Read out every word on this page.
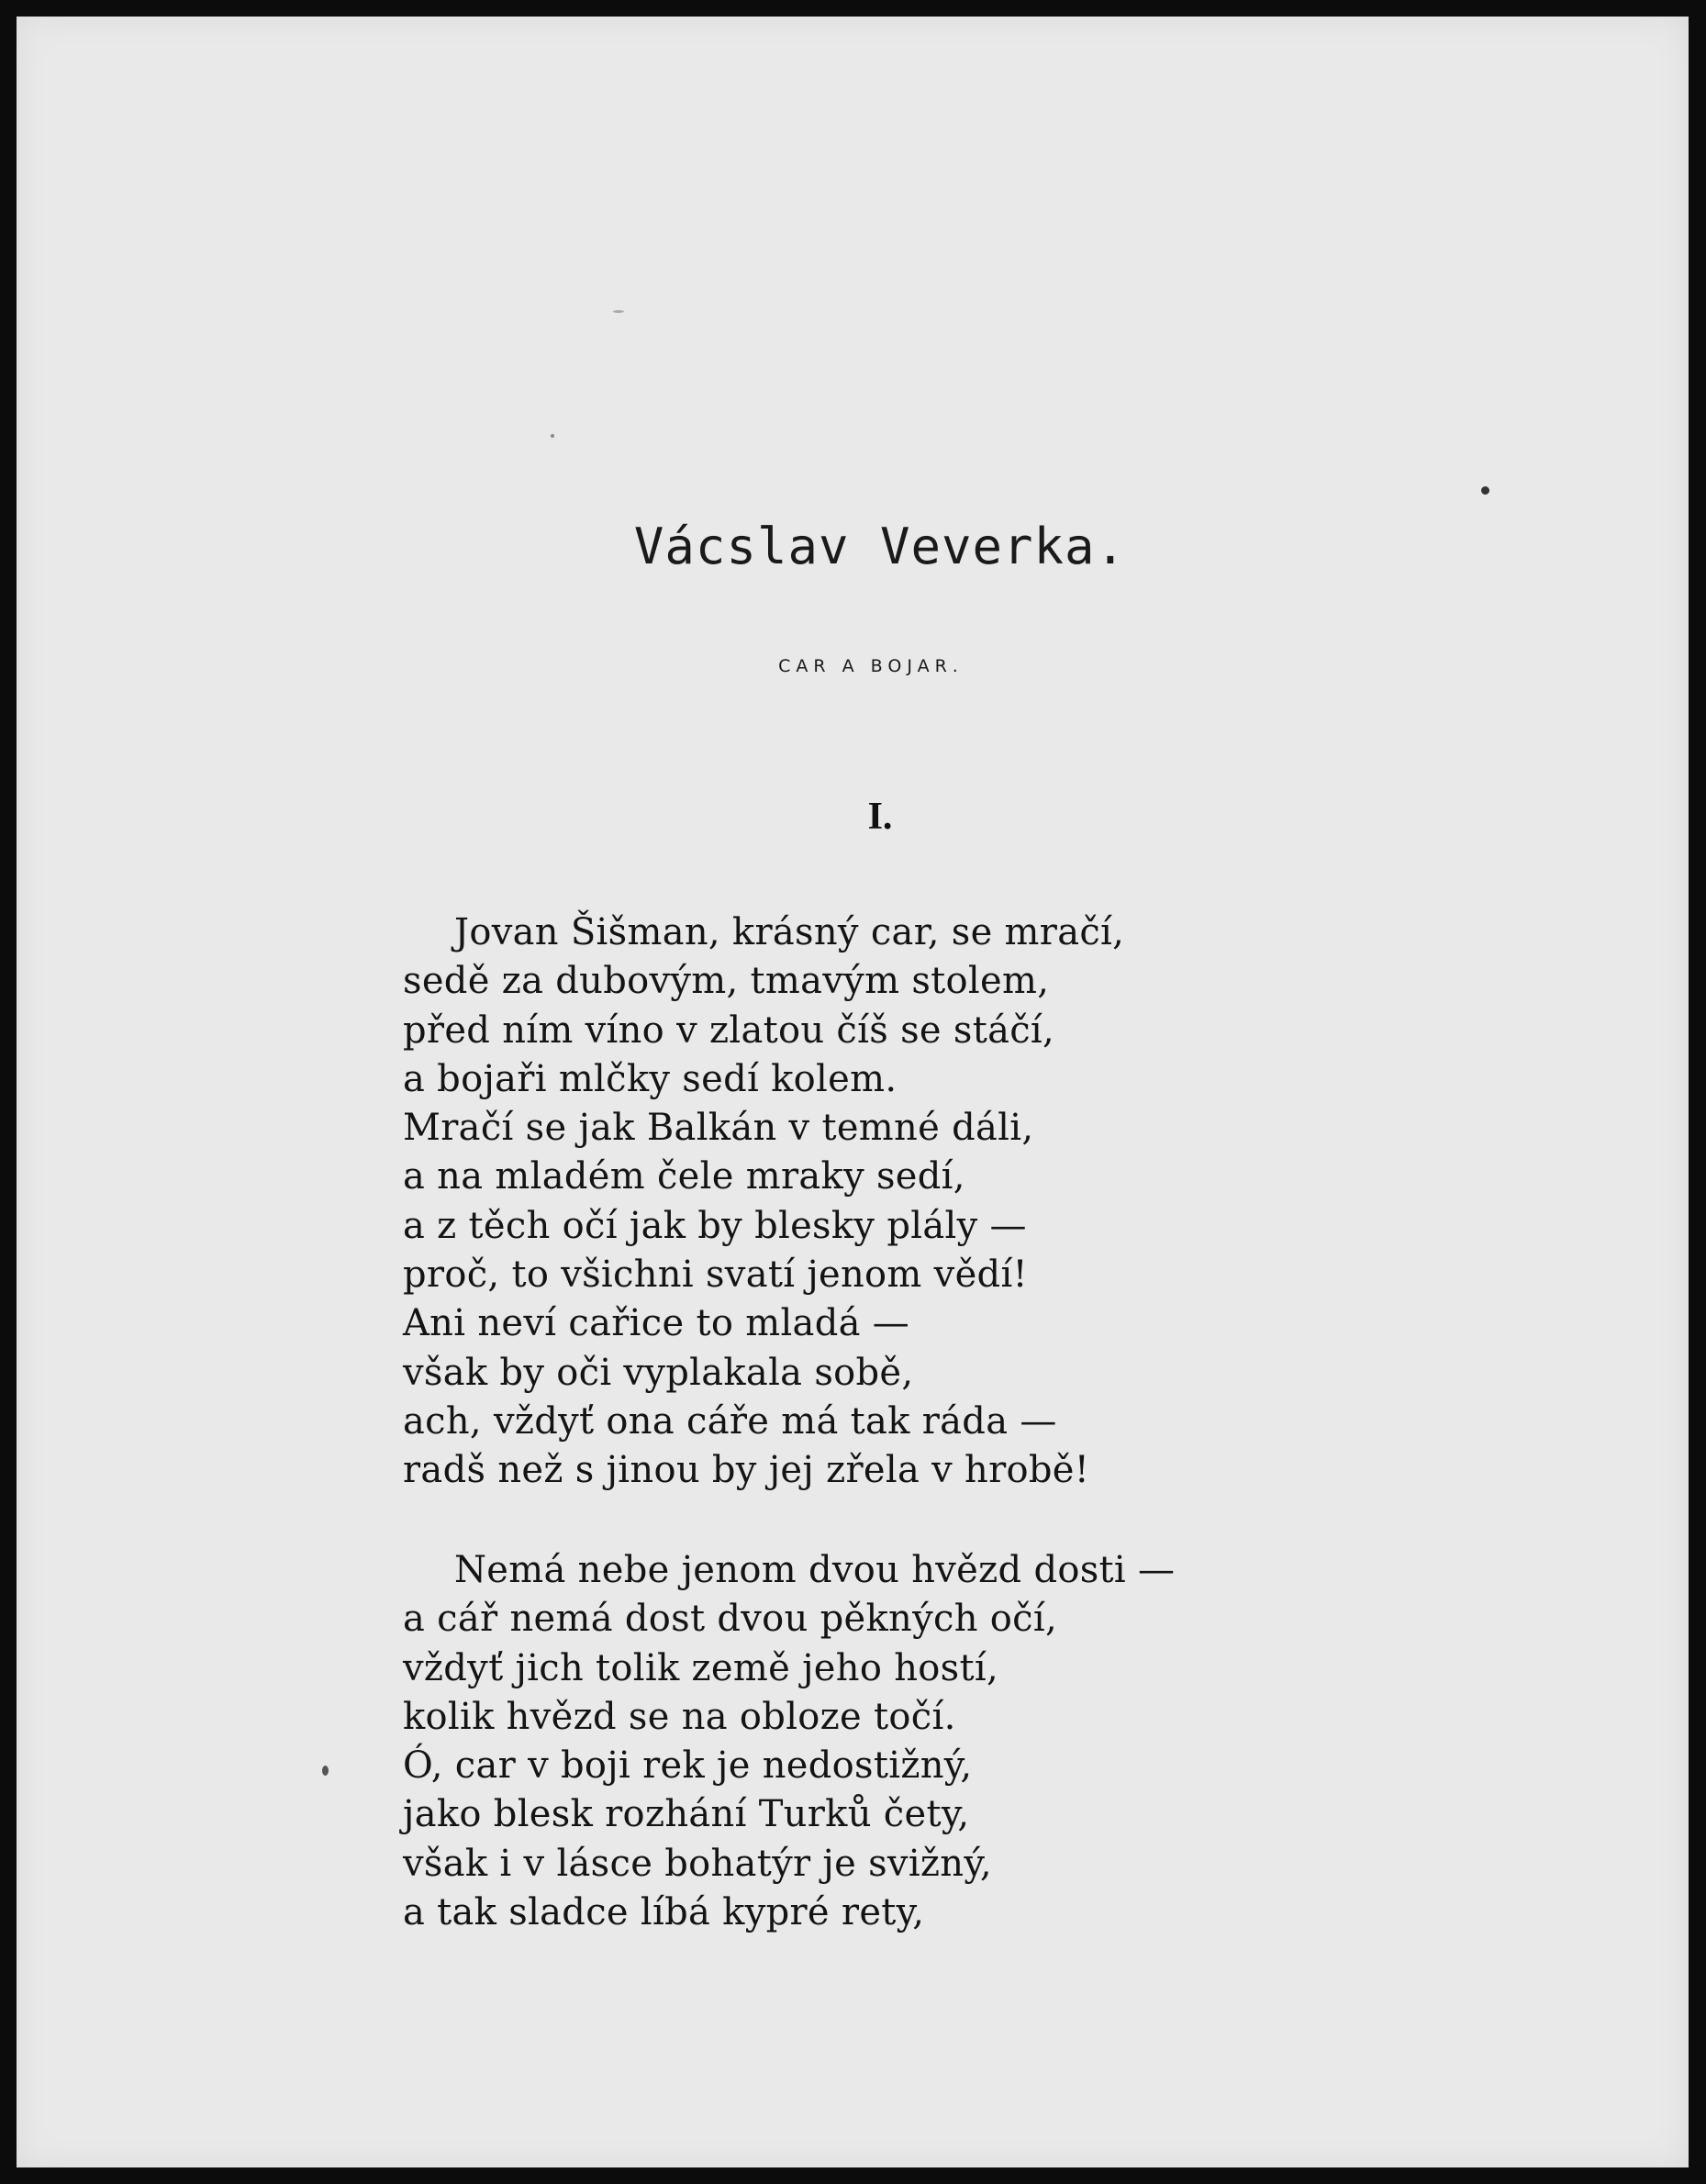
Vácslav Veverka.
car a bojar.
I.
Jovan Šišman, krásný car, se mračí,
sedě za dubovým, tmavým stolem,
před ním víno v zlatou číš se stáčí,
a bojaři mlčky sedí kolem.
Mračí se jak Balkán v temné dáli,
a na mladém čele mraky sedí,
a z těch očí jak by blesky plály —
proč, to všichni svatí jenom vědí!
Ani neví cařice to mladá —
však by oči vyplakala sobě,
ach, vždyť ona cáře má tak ráda —
radš než s jinou by jej zřela v hrobě!
Nemá nebe jenom dvou hvězd dosti —
a cář nemá dost dvou pěkných očí,
vždyť jich tolik země jeho hostí,
kolik hvězd se na obloze točí.
Ó, car v boji rek je nedostižný,
jako blesk rozhání Turků čety,
však i v lásce bohatýr je svižný,
a tak sladce líbá kypré rety,
